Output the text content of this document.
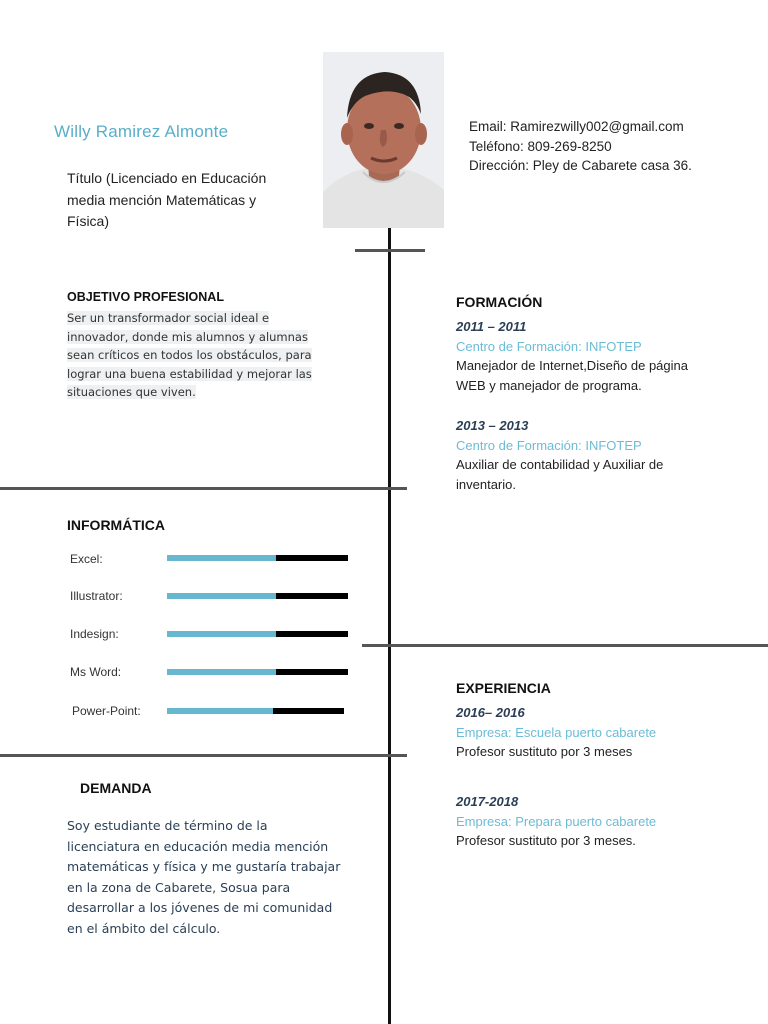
Willy Ramirez Almonte
Título (Licenciado en Educación media mención Matemáticas y Física)
Email: Ramirezwilly002@gmail.com
Teléfono: 809-269-8250
Dirección: Pley de Cabarete casa 36.
OBJETIVO PROFESIONAL
Ser un transformador social ideal e innovador, donde mis alumnos y alumnas sean críticos en todos los obstáculos, para lograr una buena estabilidad y mejorar las situaciones que viven.
FORMACIÓN
2011 – 2011
Centro de Formación: INFOTEP
Manejador de Internet,Diseño de página WEB y manejador de programa.
2013 – 2013
Centro de Formación: INFOTEP
Auxiliar de contabilidad y Auxiliar de inventario.
INFORMÁTICA
Excel:
Illustrator:
Indesign:
Ms Word:
Power-Point:
EXPERIENCIA
2016– 2016
Empresa: Escuela puerto cabarete
Profesor sustituto por 3 meses
2017-2018
Empresa: Prepara puerto cabarete
Profesor sustituto por 3 meses.
DEMANDA
Soy estudiante de término de la licenciatura en educación media mención matemáticas y física y me gustaría trabajar en la zona de Cabarete, Sosua para desarrollar a los jóvenes de mi comunidad en el ámbito del cálculo.
